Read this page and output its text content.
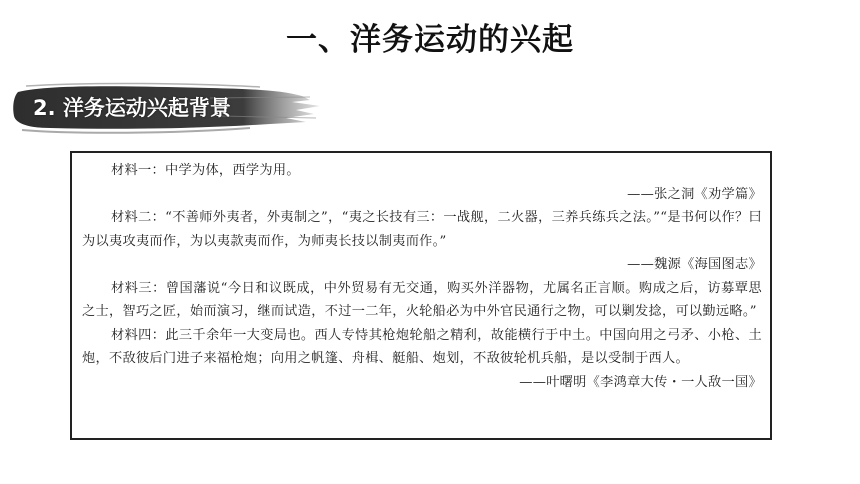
一、洋务运动的兴起
2. 洋务运动兴起背景

材料一：中学为体，西学为用。

——张之洞《劝学篇》

材料二：“不善师外夷者，外夷制之”，“夷之长技有三：一战舰，二火器，三养兵练兵之法。”“是书何以作？曰为以夷攻夷而作，为以夷款夷而作，为师夷长技以制夷而作。”

——魏源《海国图志》

材料三：曾国藩说“今日和议既成，中外贸易有无交通，购买外洋器物，尤属名正言顺。购成之后，访募覃思之士，智巧之匠，始而演习，继而试造，不过一二年，火轮船必为中外官民通行之物，可以剿发捻，可以勤远略。”

材料四：此三千余年一大变局也。西人专恃其枪炮轮船之精利，故能横行于中土。中国向用之弓矛、小枪、土炮，不敌彼后门进子来福枪炮；向用之帆篷、舟楫、艇船、炮划，不敌彼轮机兵船，是以受制于西人。

——叶曙明《李鸿章大传・一人敌一国》
